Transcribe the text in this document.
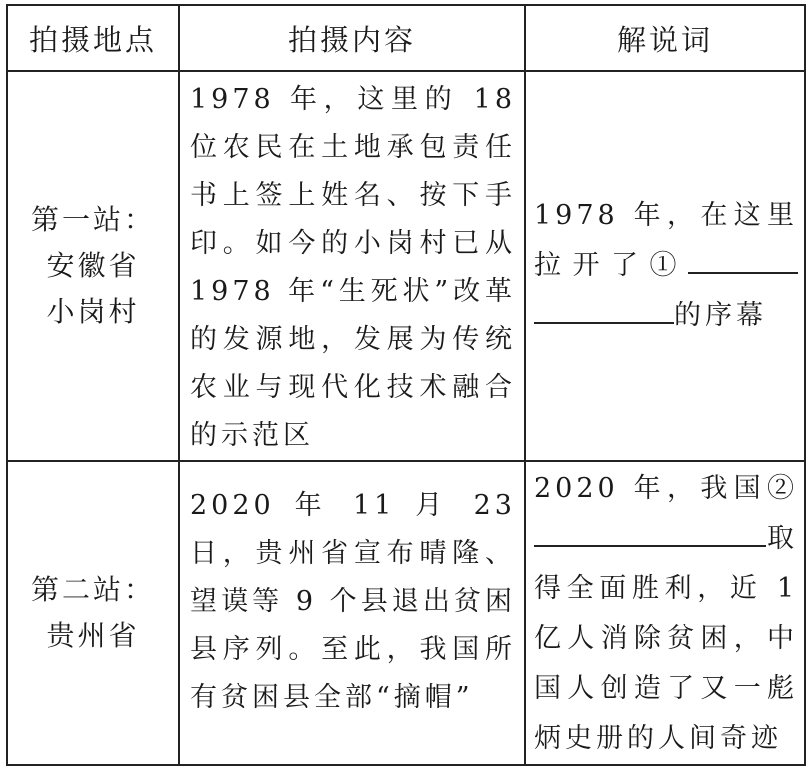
拍摄地点	拍摄内容	解说词

第一站：
安徽省
小岗村	1978 年，这里的 18 位农民在土地承包责任书上签上姓名、按下手印。如今的小岗村已从 1978 年“生死状”改革的发源地，发展为传统农业与现代化技术融合的示范区	1978 年，在这里拉开了①的序幕

第二站：
贵州省	2020 年 11 月 23 日，贵州省宣布晴隆、望谟等 9 个县退出贫困县序列。至此，我国所有贫困县全部“摘帽”	2020 年，我国②取得全面胜利，近 1 亿人消除贫困，中国人创造了又一彪炳史册的人间奇迹
